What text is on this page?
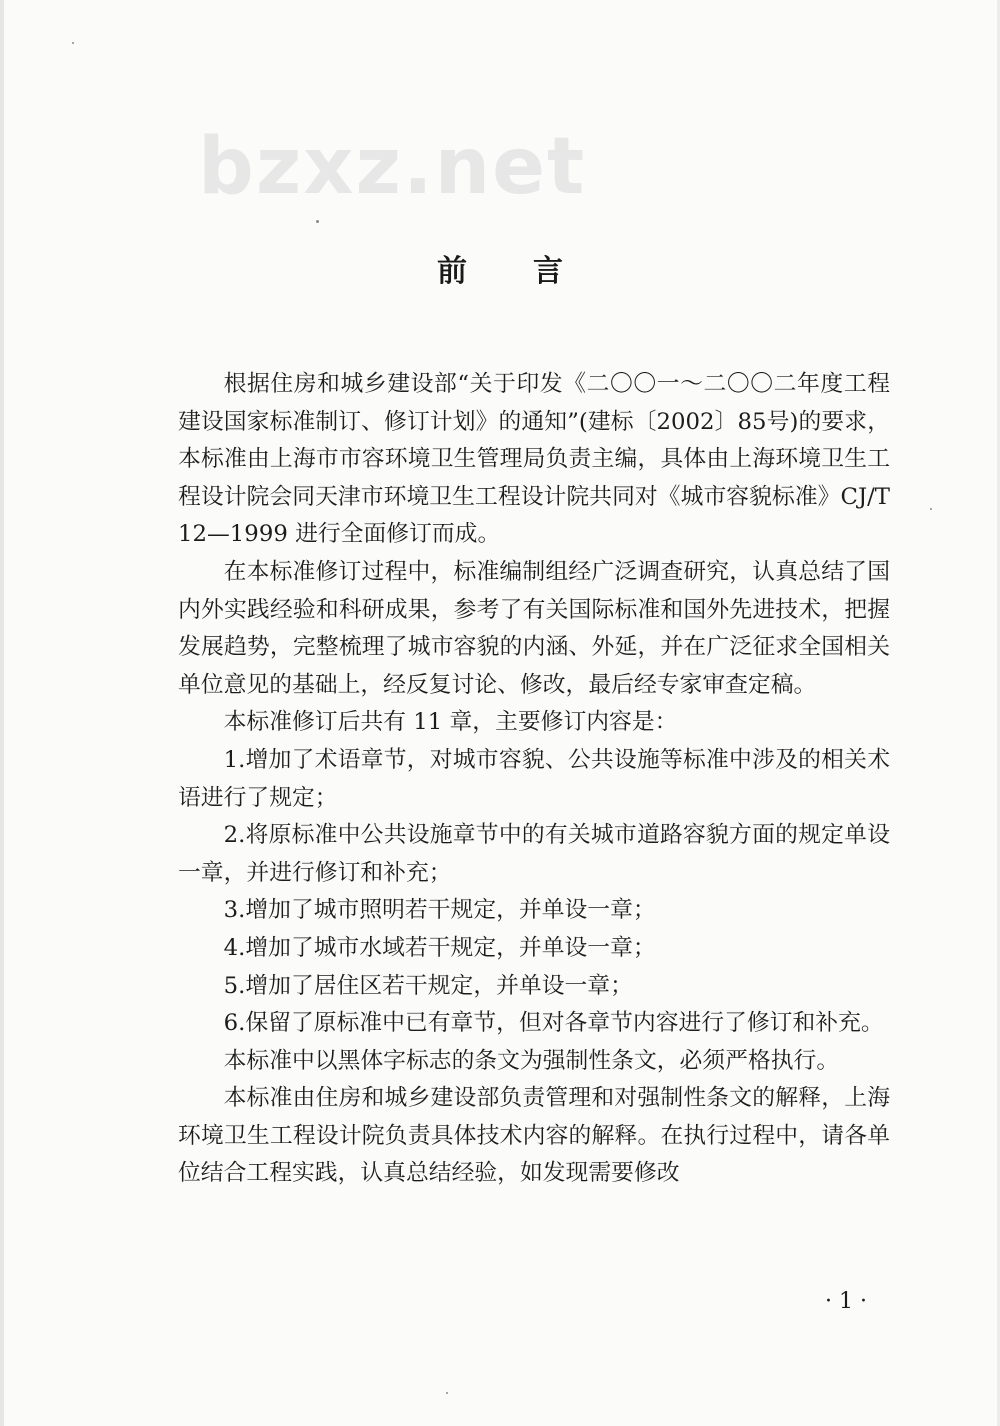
bzxz.net
前言

根据住房和城乡建设部“关于印发《二〇〇一～二〇〇二年度工程建设国家标准制订、修订计划》的通知”(建标〔2002〕85号)的要求，本标准由上海市市容环境卫生管理局负责主编，具体由上海环境卫生工程设计院会同天津市环境卫生工程设计院共同对《城市容貌标准》CJ/T 12—1999 进行全面修订而成。

在本标准修订过程中，标准编制组经广泛调查研究，认真总结了国内外实践经验和科研成果，参考了有关国际标准和国外先进技术，把握发展趋势，完整梳理了城市容貌的内涵、外延，并在广泛征求全国相关单位意见的基础上，经反复讨论、修改，最后经专家审查定稿。

本标准修订后共有 11 章，主要修订内容是：

1.增加了术语章节，对城市容貌、公共设施等标准中涉及的相关术语进行了规定；

2.将原标准中公共设施章节中的有关城市道路容貌方面的规定单设一章，并进行修订和补充；

3.增加了城市照明若干规定，并单设一章；

4.增加了城市水域若干规定，并单设一章；

5.增加了居住区若干规定，并单设一章；

6.保留了原标准中已有章节，但对各章节内容进行了修订和补充。

本标准中以黑体字标志的条文为强制性条文，必须严格执行。

本标准由住房和城乡建设部负责管理和对强制性条文的解释，上海环境卫生工程设计院负责具体技术内容的解释。在执行过程中，请各单位结合工程实践，认真总结经验，如发现需要修改

· 1 ·
